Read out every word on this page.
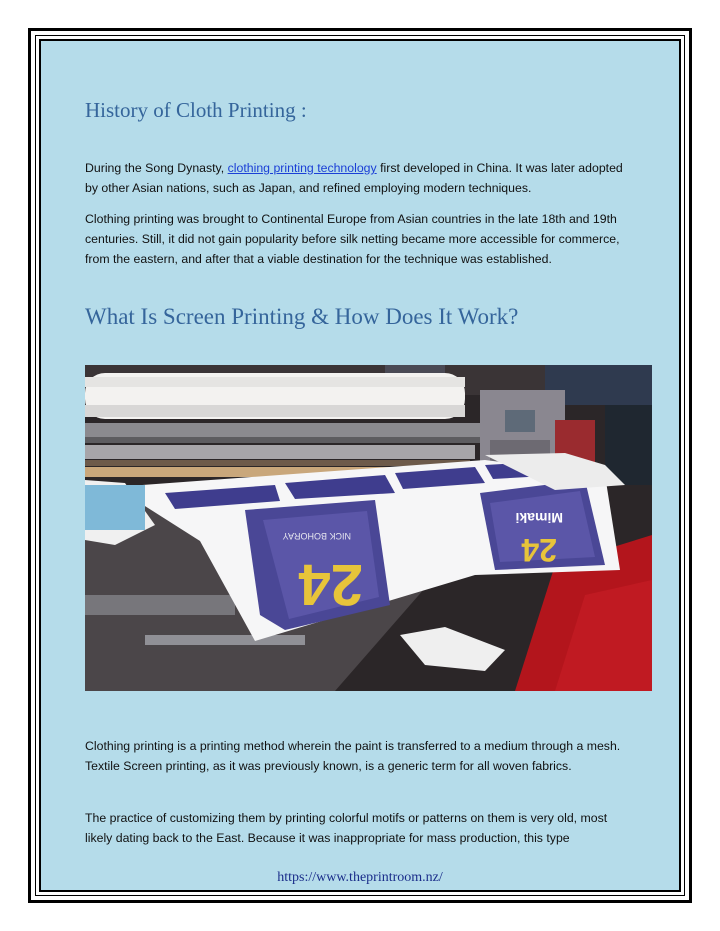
History of Cloth Printing :

During the Song Dynasty, clothing printing technology first developed in China. It was later adopted by other Asian nations, such as Japan, and refined employing modern techniques.

Clothing printing was brought to Continental Europe from Asian countries in the late 18th and 19th centuries. Still, it did not gain popularity before silk netting became more accessible for commerce, from the eastern, and after that a viable destination for the technique was established.

What Is Screen Printing & How Does It Work?
24
24
Mimaki
NICK BOHORAY

Clothing printing is a printing method wherein the paint is transferred to a medium through a mesh. Textile Screen printing, as it was previously known, is a generic term for all woven fabrics.

The practice of customizing them by printing colorful motifs or patterns on them is very old, most likely dating back to the East. Because it was inappropriate for mass production, this type

https://www.theprintroom.nz/
